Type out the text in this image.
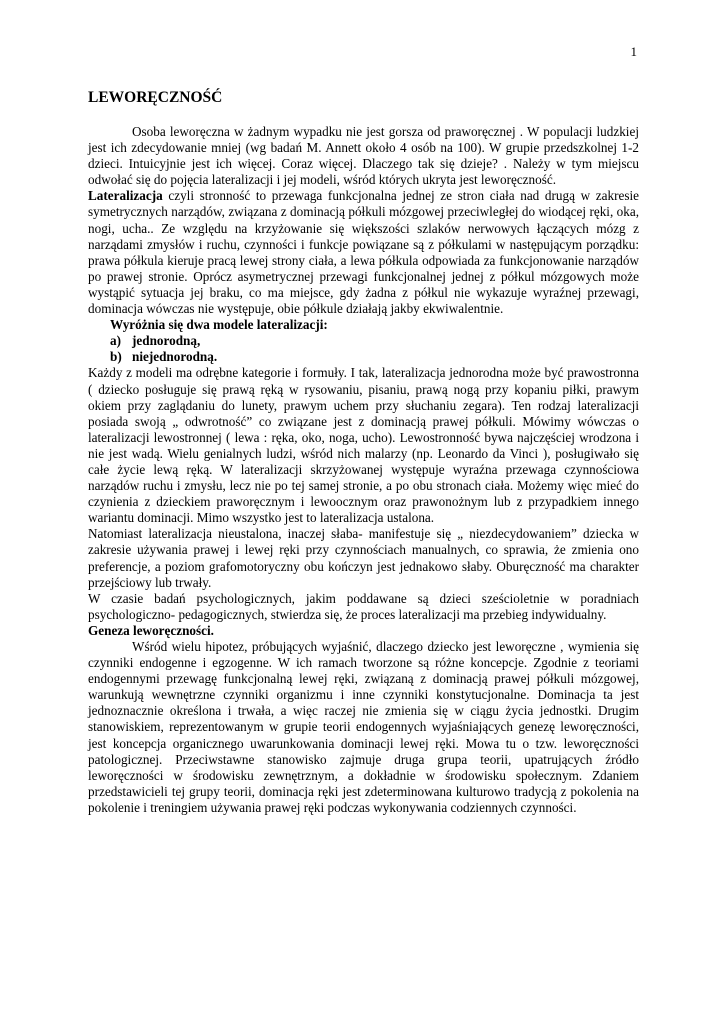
1
LEWORĘCZNOŚĆ

Osoba leworęczna w żadnym wypadku nie jest gorsza od praworęcznej . W populacji ludzkiej jest ich zdecydowanie mniej (wg badań M. Annett około 4 osób na 100). W grupie przedszkolnej 1-2 dzieci. Intuicyjnie jest ich więcej. Coraz więcej. Dlaczego tak się dzieje? . Należy w tym miejscu odwołać się do pojęcia lateralizacji i jej modeli, wśród których ukryta jest leworęczność.

Lateralizacja czyli stronność to przewaga funkcjonalna jednej ze stron ciała nad drugą w zakresie symetrycznych narządów, związana z dominacją półkuli mózgowej przeciwległej do wiodącej ręki, oka, nogi, ucha.. Ze względu na krzyżowanie się większości szlaków nerwowych łączących mózg z narządami zmysłów i ruchu, czynności i funkcje powiązane są z półkulami w następującym porządku: prawa półkula kieruje pracą lewej strony ciała, a lewa półkula odpowiada za funkcjonowanie narządów po prawej stronie. Oprócz asymetrycznej przewagi funkcjonalnej jednej z półkul mózgowych może wystąpić sytuacja jej braku, co ma miejsce, gdy żadna z półkul nie wykazuje wyraźnej przewagi, dominacja wówczas nie występuje, obie półkule działają jakby ekwiwalentnie.

Wyróżnia się dwa modele lateralizacji:

a) jednorodną,
b) niejednorodną.

Każdy z modeli ma odrębne kategorie i formuły. I tak, lateralizacja jednorodna może być prawostronna ( dziecko posługuje się prawą ręką w rysowaniu, pisaniu, prawą nogą przy kopaniu piłki, prawym okiem przy zaglądaniu do lunety, prawym uchem przy słuchaniu zegara). Ten rodzaj lateralizacji posiada swoją „ odwrotność” co związane jest z dominacją prawej półkuli. Mówimy wówczas o lateralizacji lewostronnej ( lewa : ręka, oko, noga, ucho). Lewostronność bywa najczęściej wrodzona i nie jest wadą. Wielu genialnych ludzi, wśród nich malarzy (np. Leonardo da Vinci ), posługiwało się całe życie lewą ręką. W lateralizacji skrzyżowanej występuje wyraźna przewaga czynnościowa narządów ruchu i zmysłu, lecz nie po tej samej stronie, a po obu stronach ciała. Możemy więc mieć do czynienia z dzieckiem praworęcznym i lewoocznym oraz prawonożnym lub z przypadkiem innego wariantu dominacji. Mimo wszystko jest to lateralizacja ustalona.

Natomiast lateralizacja nieustalona, inaczej słaba- manifestuje się „ niezdecydowaniem” dziecka w zakresie używania prawej i lewej ręki przy czynnościach manualnych, co sprawia, że zmienia ono preferencje, a poziom grafomotoryczny obu kończyn jest jednakowo słaby. Oburęczność ma charakter przejściowy lub trwały.

W czasie badań psychologicznych, jakim poddawane są dzieci sześcioletnie w poradniach psychologiczno- pedagogicznych, stwierdza się, że proces lateralizacji ma przebieg indywidualny.

Geneza leworęczności.

Wśród wielu hipotez, próbujących wyjaśnić, dlaczego dziecko jest leworęczne , wymienia się czynniki endogenne i egzogenne. W ich ramach tworzone są różne koncepcje. Zgodnie z teoriami endogennymi przewagę funkcjonalną lewej ręki, związaną z dominacją prawej półkuli mózgowej, warunkują wewnętrzne czynniki organizmu i inne czynniki konstytucjonalne. Dominacja ta jest jednoznacznie określona i trwała, a więc raczej nie zmienia się w ciągu życia jednostki. Drugim stanowiskiem, reprezentowanym w grupie teorii endogennych wyjaśniających genezę leworęczności, jest koncepcja organicznego uwarunkowania dominacji lewej ręki. Mowa tu o tzw. leworęczności patologicznej. Przeciwstawne stanowisko zajmuje druga grupa teorii, upatrujących źródło leworęczności w środowisku zewnętrznym, a dokładnie w środowisku społecznym. Zdaniem przedstawicieli tej grupy teorii, dominacja ręki jest zdeterminowana kulturowo tradycją z pokolenia na pokolenie i treningiem używania prawej ręki podczas wykonywania codziennych czynności.
